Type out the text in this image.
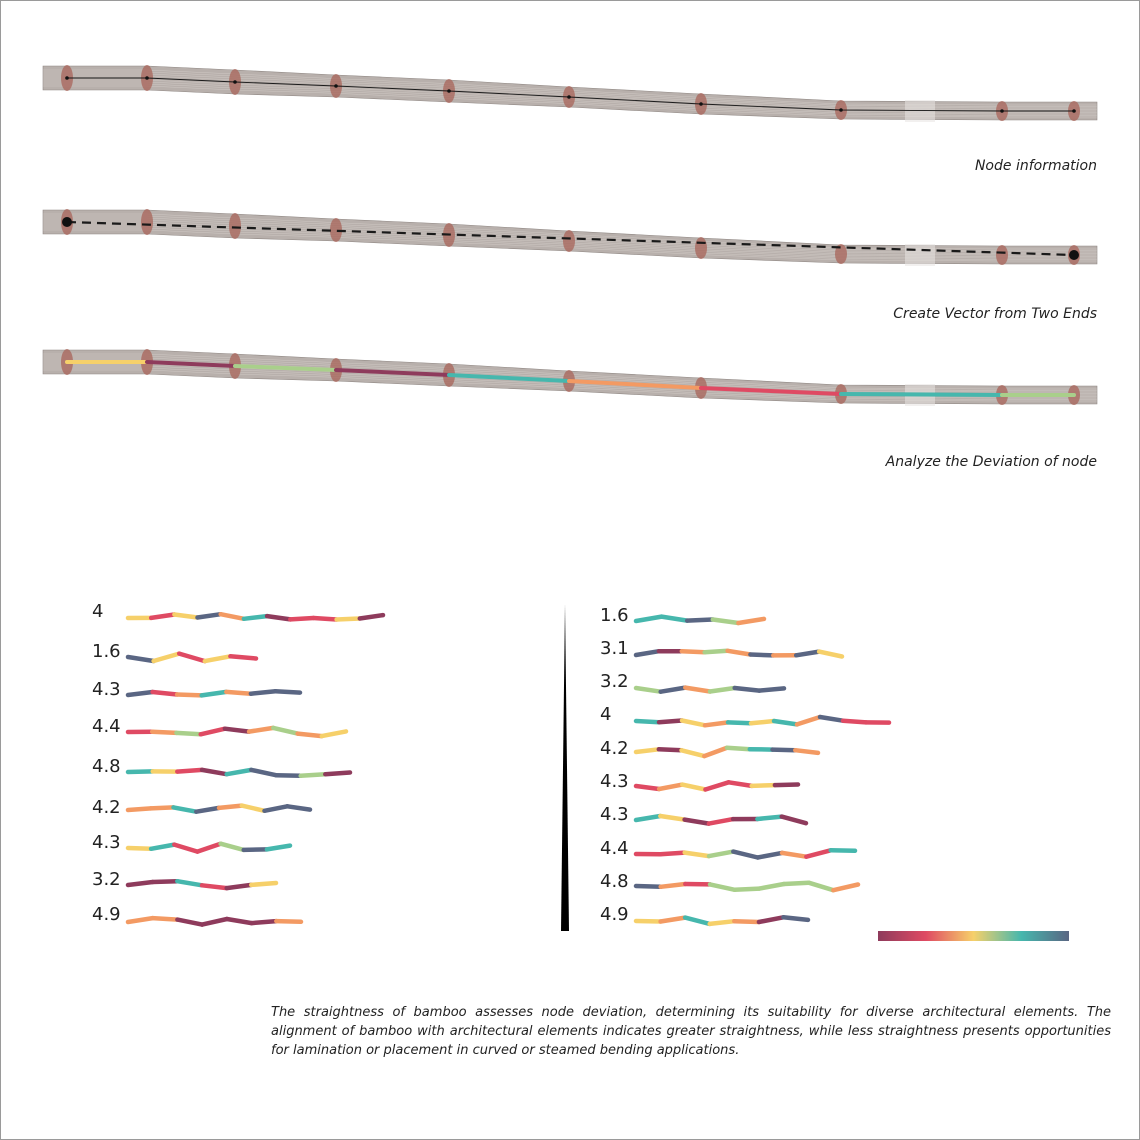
Node information
Create Vector from Two Ends
Analyze the Deviation of node
4
1.6
4.3
4.4
4.8
4.2
4.3
3.2
4.9
1.6
3.1
3.2
4
4.2
4.3
4.3
4.4
4.8
4.9

The straightness of bamboo assesses node deviation, determining its suitability for diverse architectural elements. The alignment of bamboo with architectural elements indicates greater straightness, while less straightness presents opportunities for lamination or placement in curved or steamed bending applications.
